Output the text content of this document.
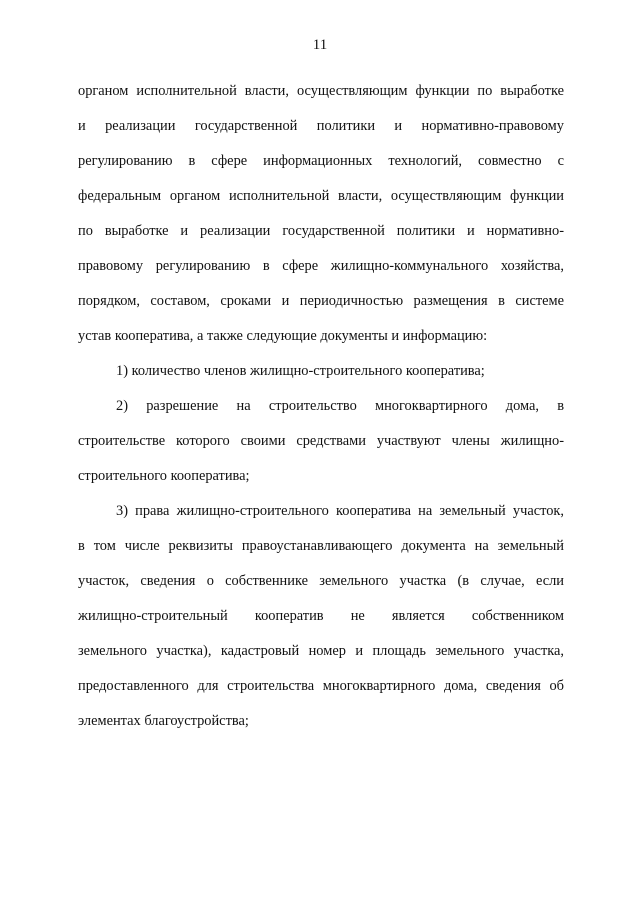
11
органом исполнительной власти, осуществляющим функции по выработке
и реализации государственной политики и нормативно-правовому
регулированию в сфере информационных технологий, совместно с
федеральным органом исполнительной власти, осуществляющим функции
по выработке и реализации государственной политики и нормативно-
правовому регулированию в сфере жилищно-коммунального хозяйства,
порядком, составом, сроками и периодичностью размещения в системе
устав кооператива, а также следующие документы и информацию:
1) количество членов жилищно-строительного кооператива;
2) разрешение на строительство многоквартирного дома, в
строительстве которого своими средствами участвуют члены жилищно-
строительного кооператива;
3) права жилищно-строительного кооператива на земельный участок,
в том числе реквизиты правоустанавливающего документа на земельный
участок, сведения о собственнике земельного участка (в случае, если
жилищно-строительный кооператив не является собственником
земельного участка), кадастровый номер и площадь земельного участка,
предоставленного для строительства многоквартирного дома, сведения об
элементах благоустройства;
